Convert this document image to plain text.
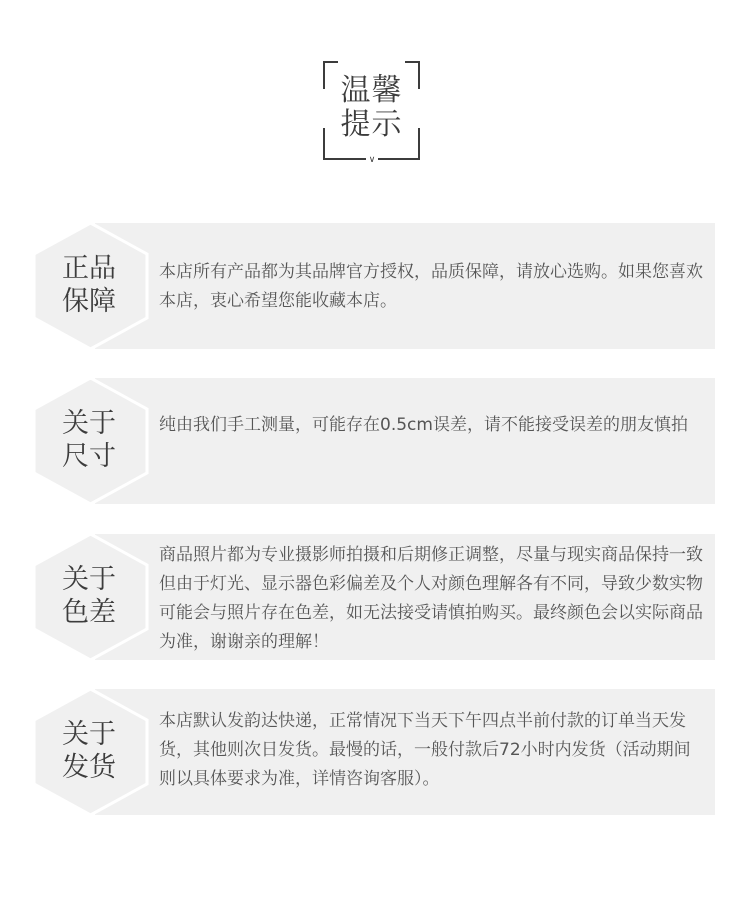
温馨
提示
∨
正品
保障
本店所有产品都为其品牌官方授权，品质保障，请放心选购。如果您喜欢本店，衷心希望您能收藏本店。
关于
尺寸
纯由我们手工测量，可能存在0.5cm误差，请不能接受误差的朋友慎拍
关于
色差
商品照片都为专业摄影师拍摄和后期修正调整，尽量与现实商品保持一致但由于灯光、显示器色彩偏差及个人对颜色理解各有不同，导致少数实物可能会与照片存在色差，如无法接受请慎拍购买。最终颜色会以实际商品为准，谢谢亲的理解！
关于
发货
本店默认发韵达快递，正常情况下当天下午四点半前付款的订单当天发货，其他则次日发货。最慢的话，一般付款后72小时内发货（活动期间则以具体要求为准，详情咨询客服）。
